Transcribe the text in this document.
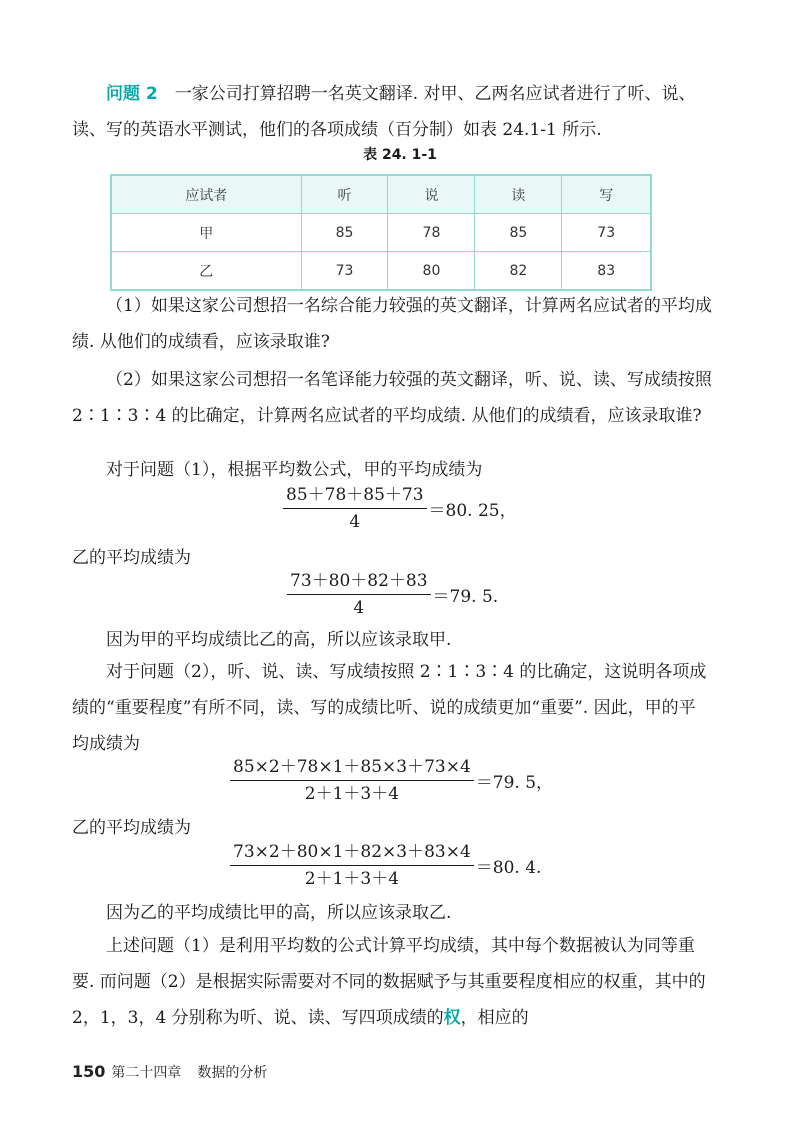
问题 2　 一家公司打算招聘一名英文翻译. 对甲、乙两名应试者进行了听、说、读、写的英语水平测试，他们的各项成绩（百分制）如表 24.1-1 所示.

表 24. 1-1
应试者	听	说	读	写
甲	85	78	85	73
乙	73	80	82	83

（1）如果这家公司想招一名综合能力较强的英文翻译，计算两名应试者的平均成绩. 从他们的成绩看，应该录取谁?

（2）如果这家公司想招一名笔译能力较强的英文翻译，听、说、读、写成绩按照 2∶1∶3∶4 的比确定，计算两名应试者的平均成绩. 从他们的成绩看，应该录取谁?

对于问题（1），根据平均数公式，甲的平均成绩为

$\frac{85+78+85+73}{4} =80$. 25，

乙的平均成绩为

$\frac{73+80+82+83}{4} =79$. 5.

因为甲的平均成绩比乙的高，所以应该录取甲.

对于问题（2），听、说、读、写成绩按照 2∶1∶3∶4 的比确定，这说明各项成绩的“重要程度”有所不同，读、写的成绩比听、说的成绩更加“重要”. 因此，甲的平均成绩为

$\frac{85\times 2+78\times 1+85\times 3+73\times 4}{2+1+3+4} =79$. 5，

乙的平均成绩为

$\frac{73\times 2+80\times 1+82\times 3+83\times 4}{2+1+3+4} =80$. 4.

因为乙的平均成绩比甲的高，所以应该录取乙.

上述问题（1）是利用平均数的公式计算平均成绩，其中每个数据被认为同等重要. 而问题（2）是根据实际需要对不同的数据赋予与其重要程度相应的权重，其中的 2，1，3，4 分别称为听、说、读、写四项成绩的权，相应的

150 第二十四章 数据的分析
